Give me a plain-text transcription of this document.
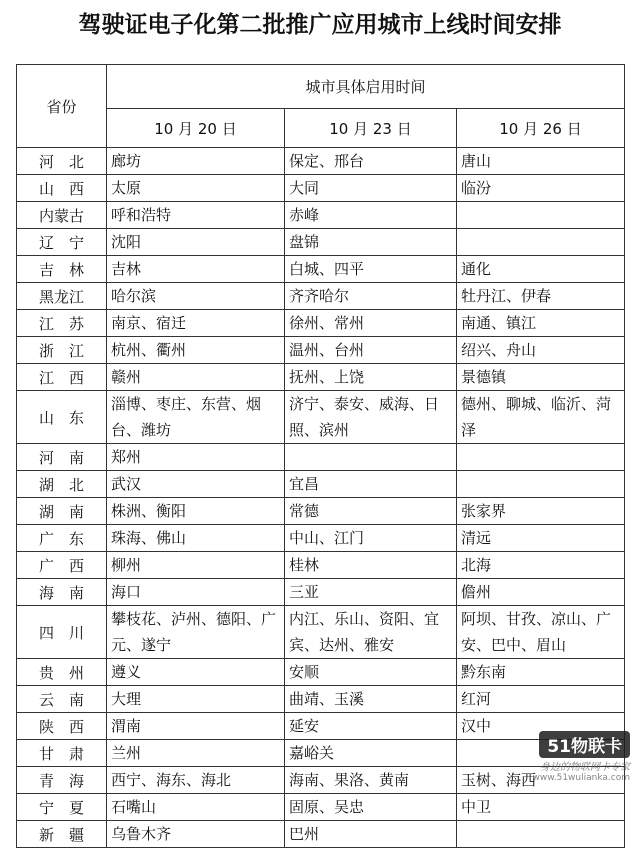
驾驶证电子化第二批推广应用城市上线时间安排
省份	城市具体启用时间		
	10 月 20 日	10 月 23 日	10 月 26 日
河北	廊坊	保定、邢台	唐山
山西	太原	大同	临汾
内蒙古	呼和浩特	赤峰	
辽宁	沈阳	盘锦	
吉林	吉林	白城、四平	通化
黑龙江	哈尔滨	齐齐哈尔	牡丹江、伊春
江苏	南京、宿迁	徐州、常州	南通、镇江
浙江	杭州、衢州	温州、台州	绍兴、舟山
江西	赣州	抚州、上饶	景德镇
山东	淄博、枣庄、东营、烟台、潍坊	济宁、泰安、威海、日照、滨州	德州、聊城、临沂、菏泽
河南	郑州		
湖北	武汉	宜昌	
湖南	株洲、衡阳	常德	张家界
广东	珠海、佛山	中山、江门	清远
广西	柳州	桂林	北海
海南	海口	三亚	儋州
四川	攀枝花、泸州、德阳、广元、遂宁	内江、乐山、资阳、宜宾、达州、雅安	阿坝、甘孜、凉山、广安、巴中、眉山
贵州	遵义	安顺	黔东南
云南	大理	曲靖、玉溪	红河
陕西	渭南	延安	汉中
甘肃	兰州	嘉峪关	
青海	西宁、海东、海北	海南、果洛、黄南	玉树、海西
宁夏	石嘴山	固原、吴忠	中卫
新疆	乌鲁木齐	巴州	
51物联卡
身边的物联网卡专家
www.51wulianka.com
